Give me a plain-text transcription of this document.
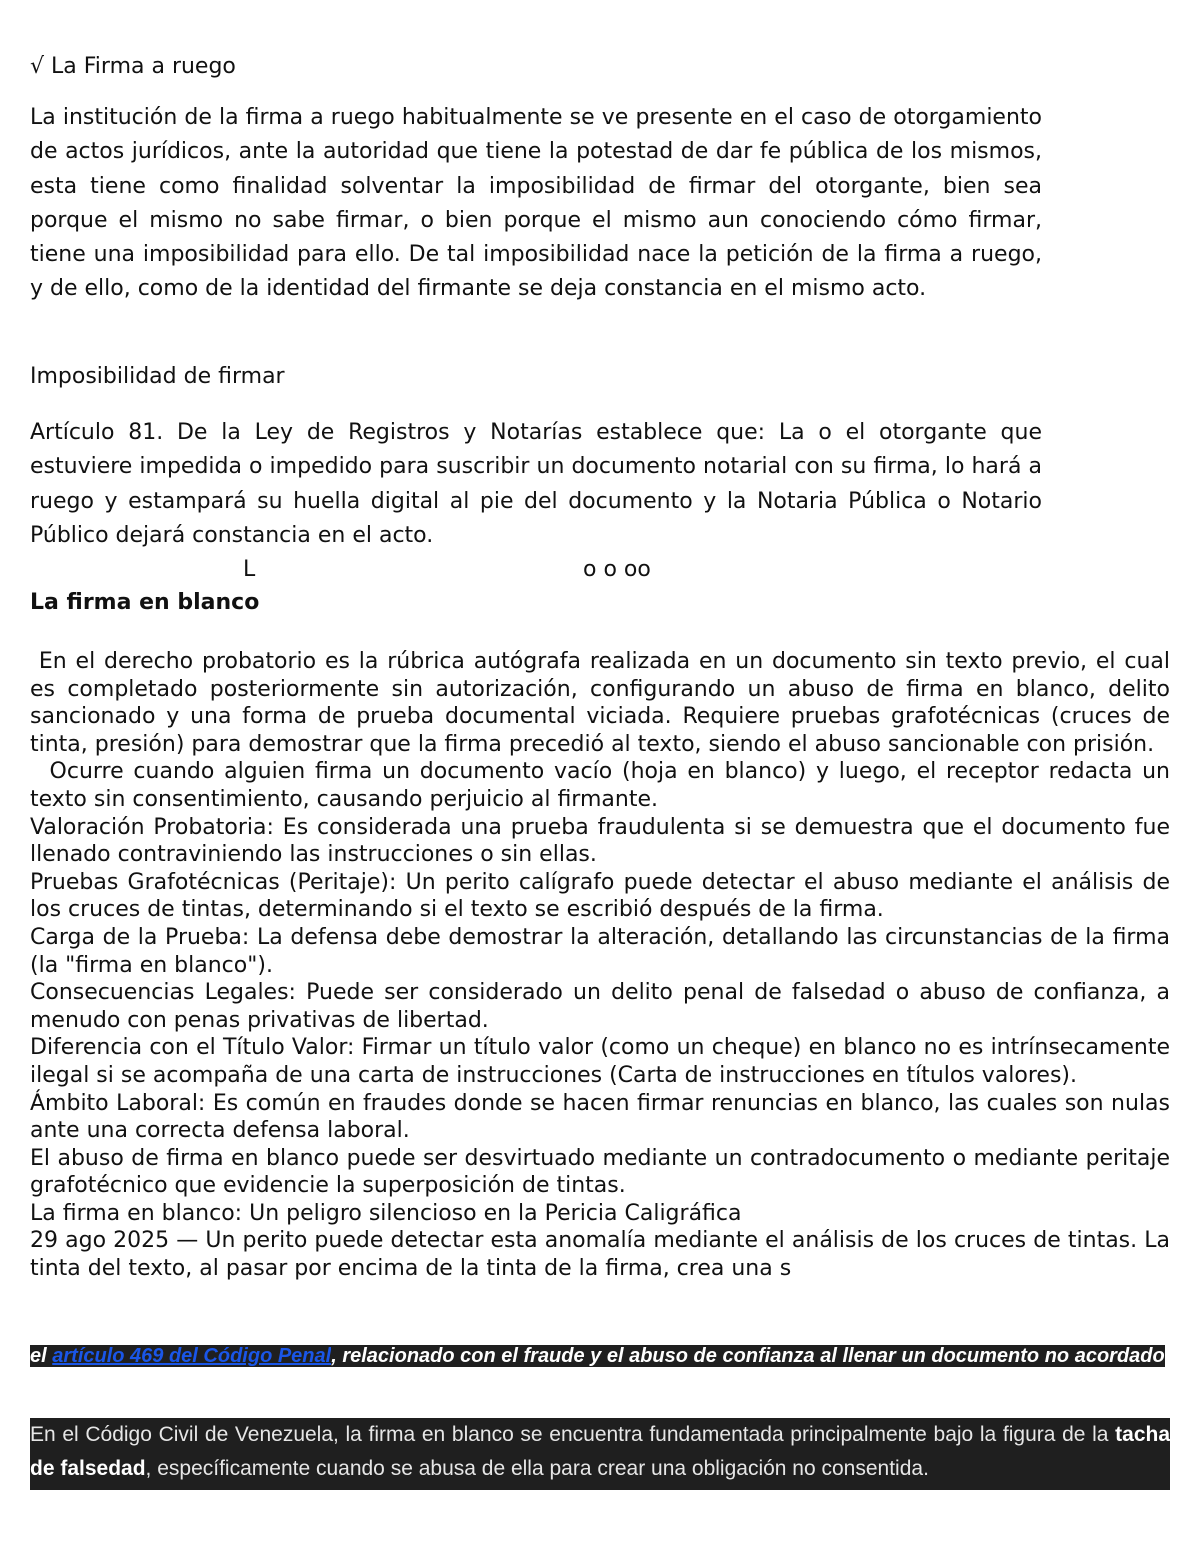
√ La Firma a ruego
La institución de la firma a ruego habitualmente se ve presente en el caso de otorgamiento de actos jurídicos, ante la autoridad que tiene la potestad de dar fe pública de los mismos, esta tiene como finalidad solventar la imposibilidad de firmar del otorgante, bien sea porque el mismo no sabe firmar, o bien porque el mismo aun conociendo cómo firmar, tiene una imposibilidad para ello. De tal imposibilidad nace la petición de la firma a ruego, y de ello, como de la identidad del firmante se deja constancia en el mismo acto.
Imposibilidad de firmar
Artículo 81. De la Ley de Registros y Notarías establece que: La o el otorgante que estuviere impedida o impedido para suscribir un documento notarial con su firma, lo hará a ruego y estampará su huella digital al pie del documento y la Notaria Pública o Notario Público dejará constancia en el acto.
L	o o oo
La firma en blanco

En el derecho probatorio es la rúbrica autógrafa realizada en un documento sin texto previo, el cual es completado posteriormente sin autorización, configurando un abuso de firma en blanco, delito sancionado y una forma de prueba documental viciada. Requiere pruebas grafotécnicas (cruces de tinta, presión) para demostrar que la firma precedió al texto, siendo el abuso sancionable con prisión.

Ocurre cuando alguien firma un documento vacío (hoja en blanco) y luego, el receptor redacta un texto sin consentimiento, causando perjuicio al firmante.

Valoración Probatoria: Es considerada una prueba fraudulenta si se demuestra que el documento fue llenado contraviniendo las instrucciones o sin ellas.

Pruebas Grafotécnicas (Peritaje): Un perito calígrafo puede detectar el abuso mediante el análisis de los cruces de tintas, determinando si el texto se escribió después de la firma.

Carga de la Prueba: La defensa debe demostrar la alteración, detallando las circunstancias de la firma (la "firma en blanco").

Consecuencias Legales: Puede ser considerado un delito penal de falsedad o abuso de confianza, a menudo con penas privativas de libertad.

Diferencia con el Título Valor: Firmar un título valor (como un cheque) en blanco no es intrínsecamente ilegal si se acompaña de una carta de instrucciones (Carta de instrucciones en títulos valores).

Ámbito Laboral: Es común en fraudes donde se hacen firmar renuncias en blanco, las cuales son nulas ante una correcta defensa laboral.

El abuso de firma en blanco puede ser desvirtuado mediante un contradocumento o mediante peritaje grafotécnico que evidencie la superposición de tintas.

La firma en blanco: Un peligro silencioso en la Pericia Caligráfica

29 ago 2025 — Un perito puede detectar esta anomalía mediante el análisis de los cruces de tintas. La tinta del texto, al pasar por encima de la tinta de la firma, crea una s

el artículo 469 del Código Penal, relacionado con el fraude y el abuso de confianza al llenar un documento no acordado
En el Código Civil de Venezuela, la firma en blanco se encuentra fundamentada principalmente bajo la figura de la tacha de falsedad, específicamente cuando se abusa de ella para crear una obligación no consentida.
